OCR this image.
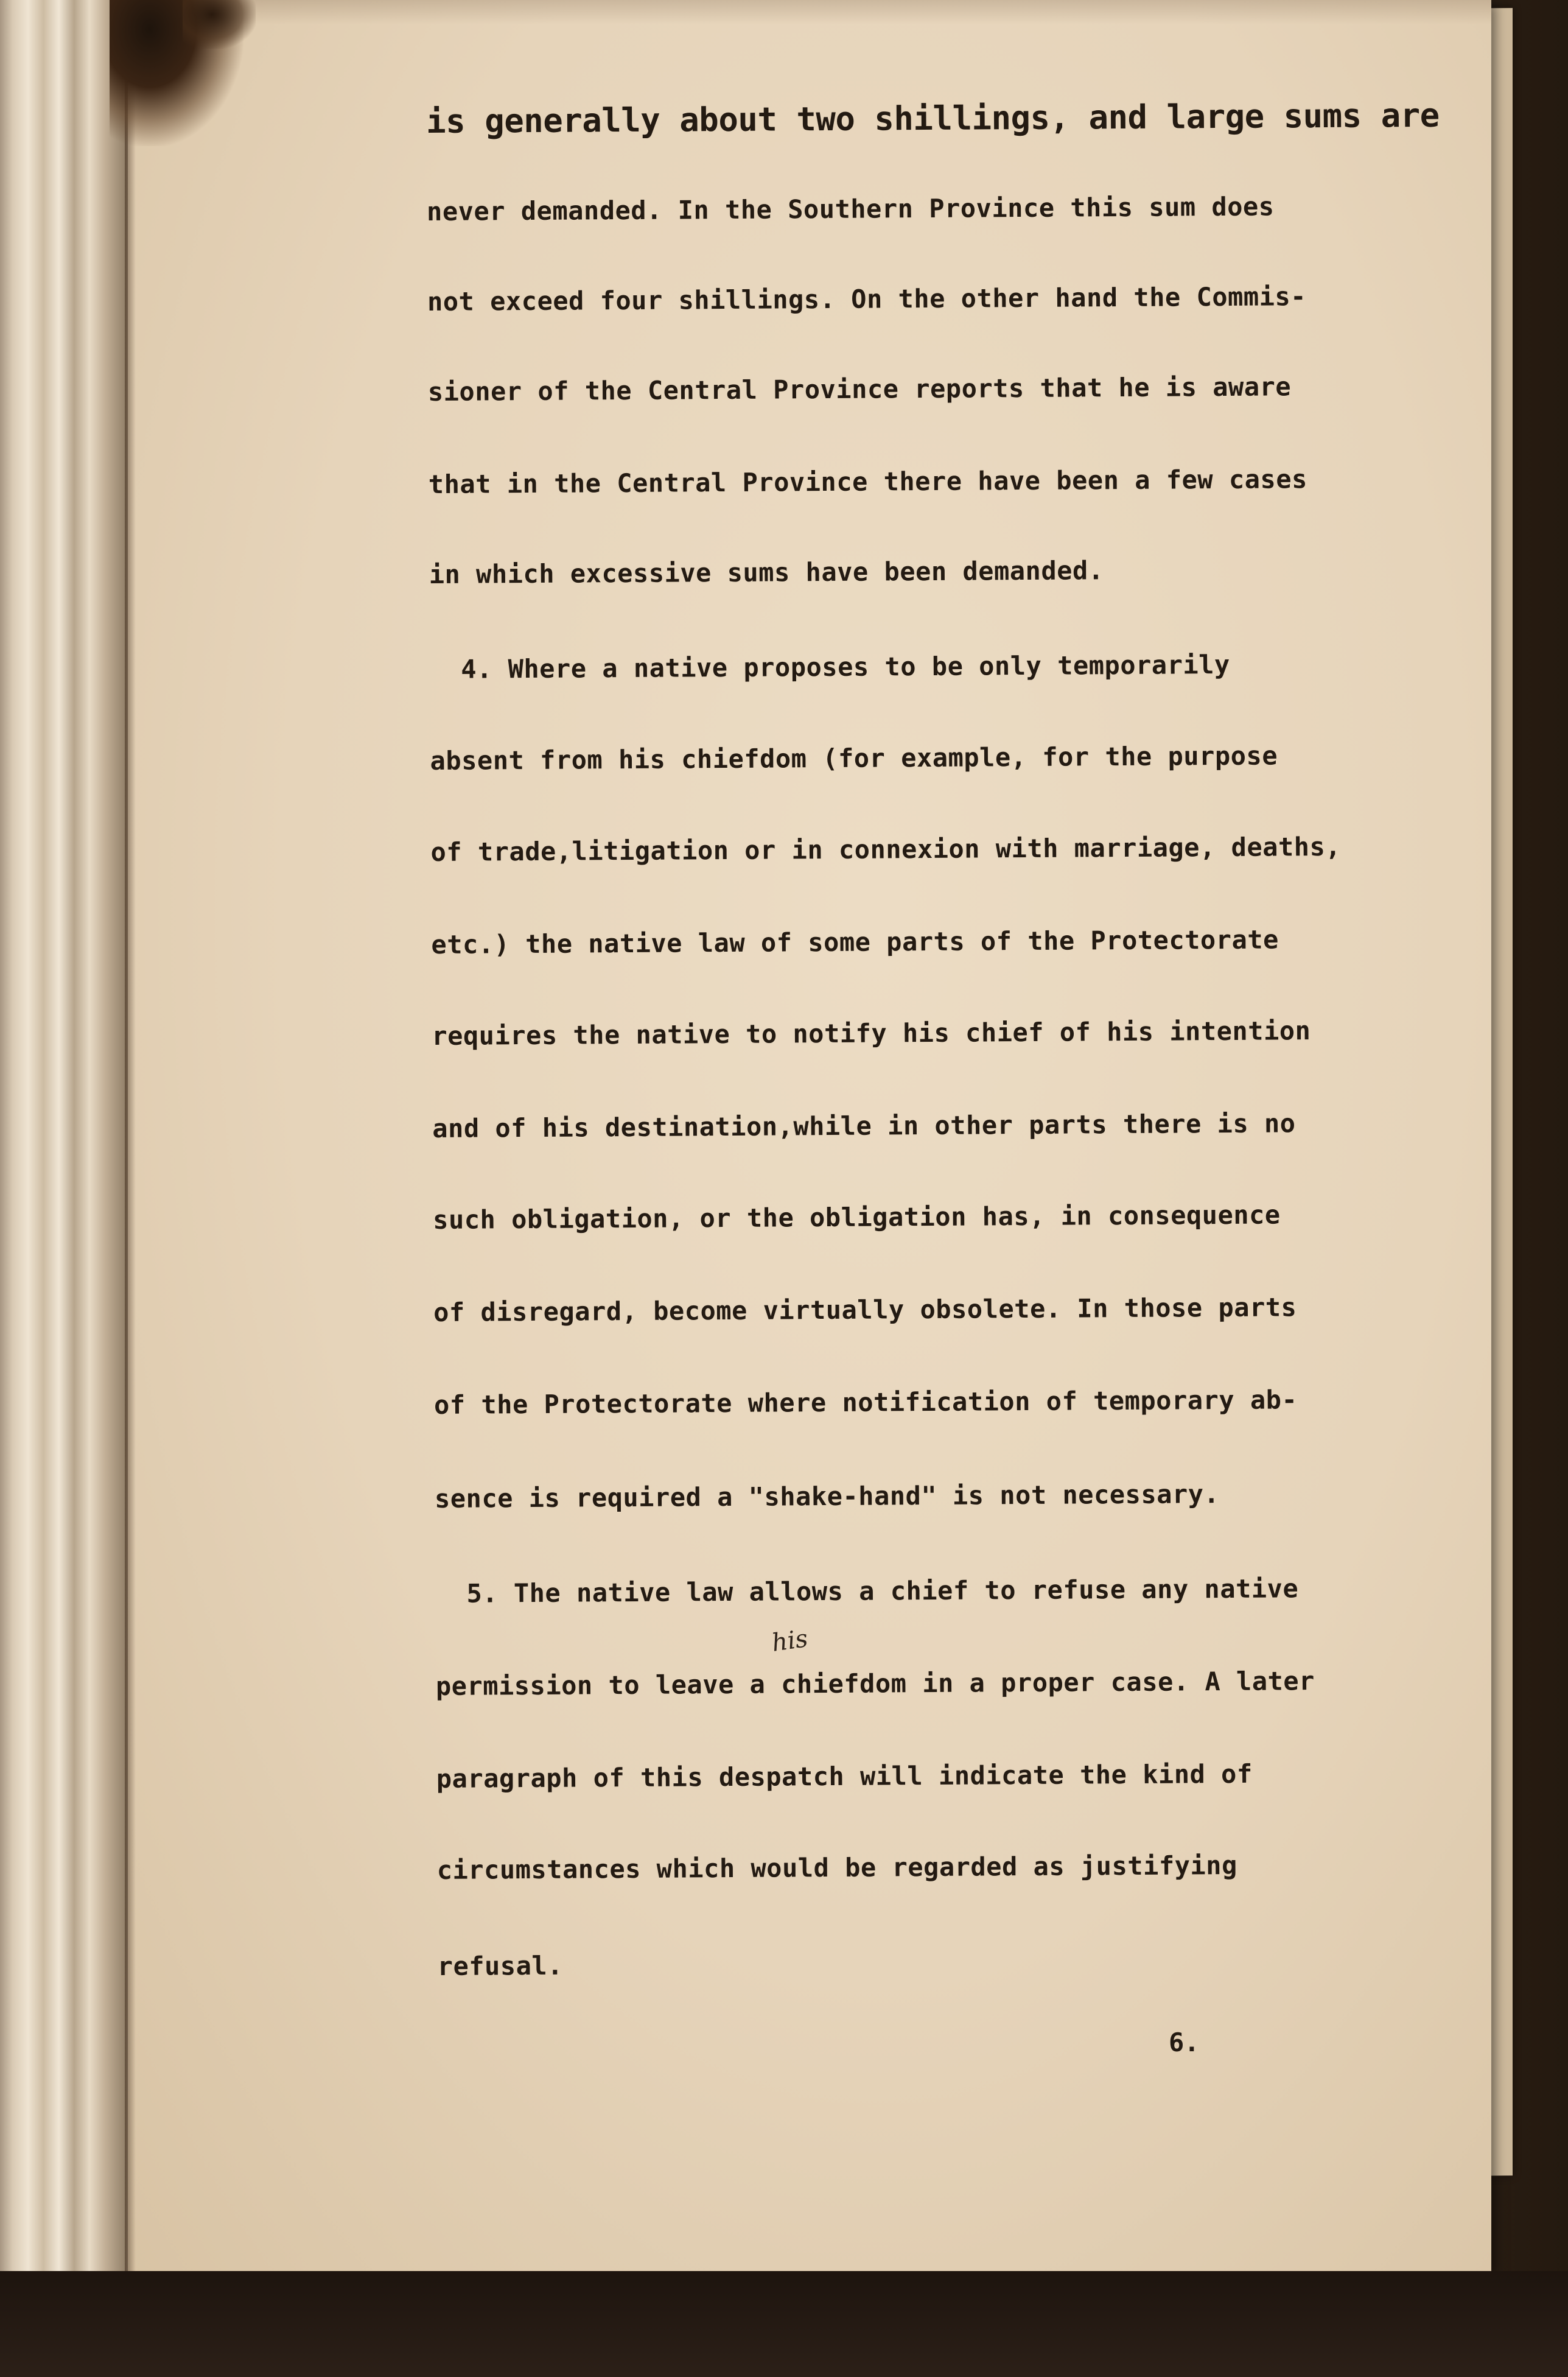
is generally about two shillings, and large sums are
never demanded. In the Southern Province this sum does
not exceed four shillings. On the other hand the Commis-
sioner of the Central Province reports that he is aware
that in the Central Province there have been a few cases
in which excessive sums have been demanded.
4. Where a native proposes to be only temporarily
absent from his chiefdom (for example, for the purpose
of trade,litigation or in connexion with marriage, deaths,
etc.) the native law of some parts of the Protectorate
requires the native to notify his chief of his intention
and of his destination,while in other parts there is no
such obligation, or the obligation has, in consequence
of disregard, become virtually obsolete. In those parts
of the Protectorate where notification of temporary ab-
sence is required a "shake-hand" is not necessary.
5. The native law allows a chief to refuse any native
permission to leave a chiefdom in a proper case. A later
paragraph of this despatch will indicate the kind of
circumstances which would be regarded as justifying
refusal.
his
6.
